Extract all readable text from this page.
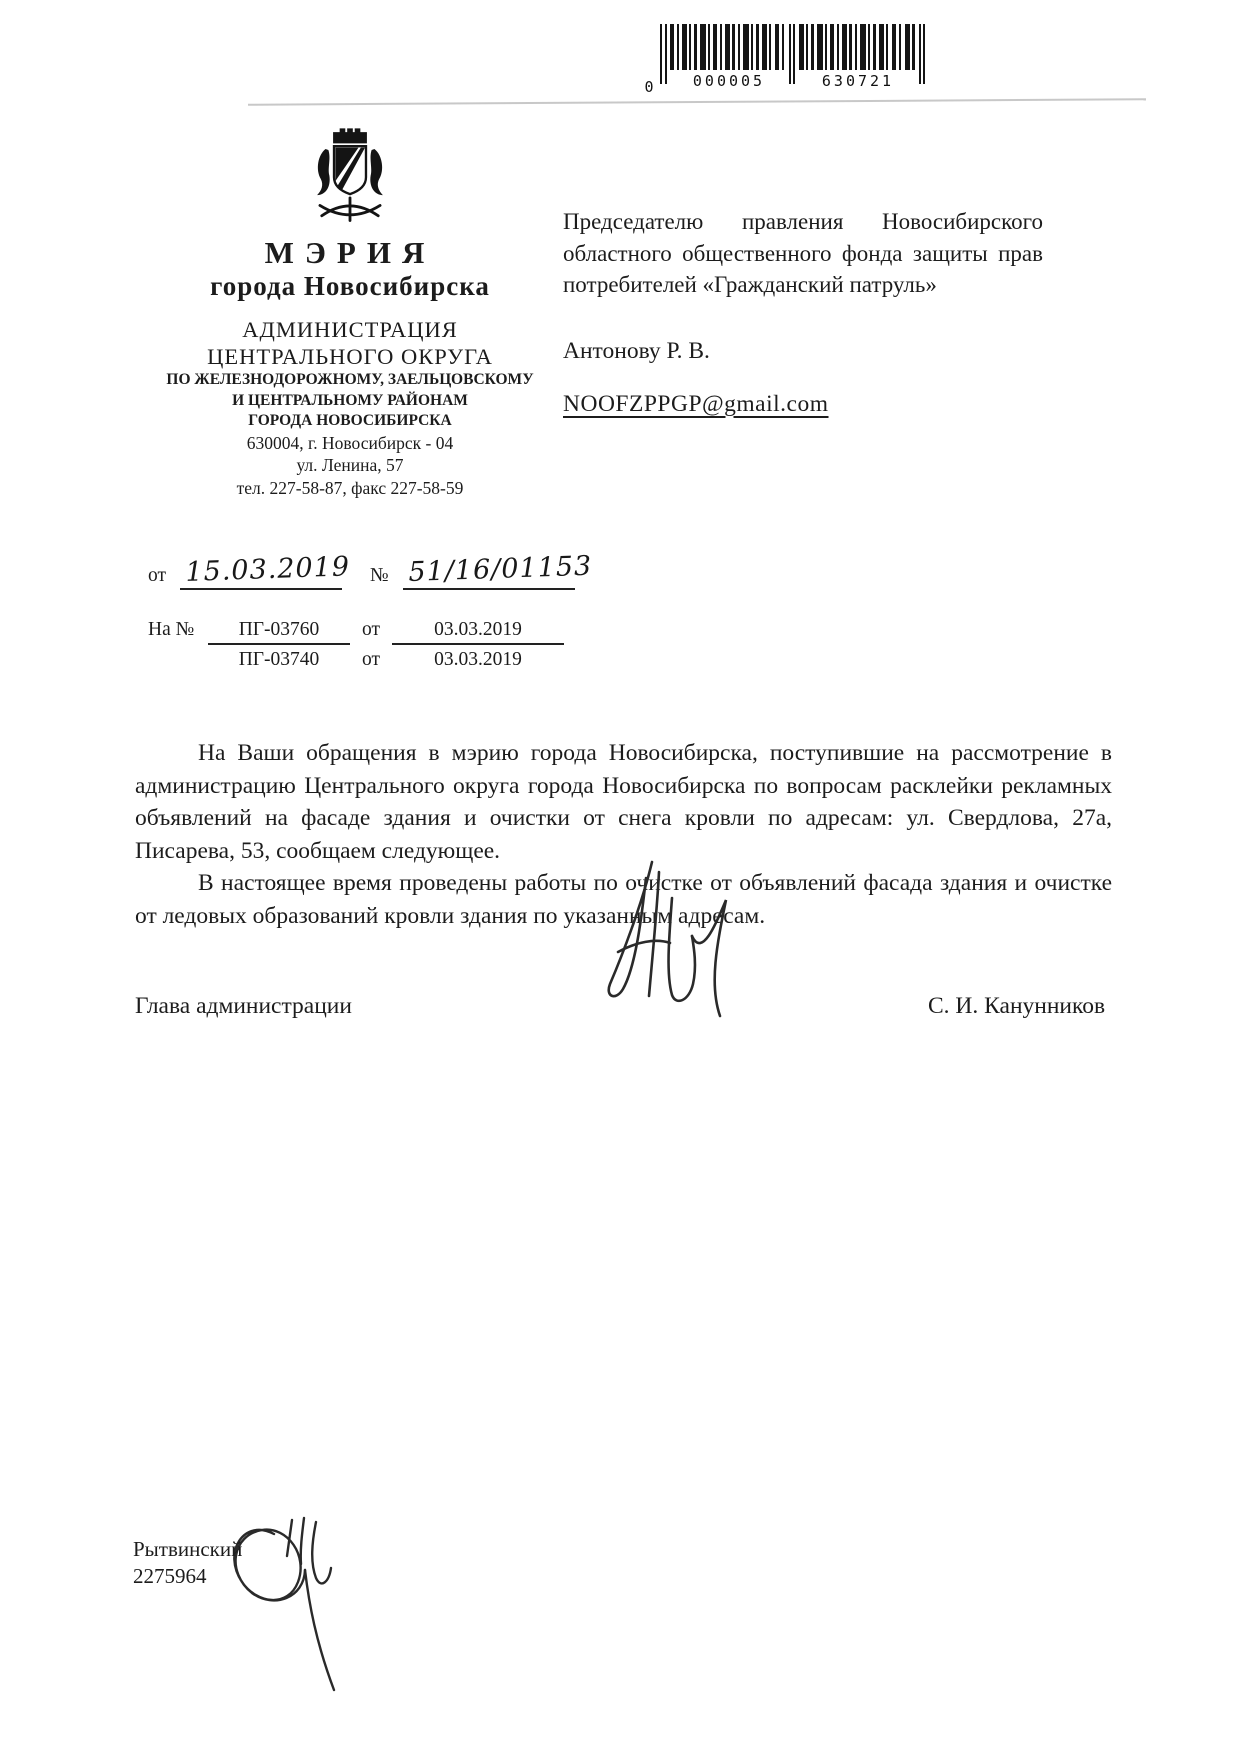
0	000005	630721
МЭРИЯ
города Новосибирска
АДМИНИСТРАЦИЯ
ЦЕНТРАЛЬНОГО ОКРУГА
ПО ЖЕЛЕЗНОДОРОЖНОМУ, ЗАЕЛЬЦОВСКОМУ
И ЦЕНТРАЛЬНОМУ РАЙОНАМ
ГОРОДА НОВОСИБИРСКА
630004, г. Новосибирск - 04
ул. Ленина, 57
тел. 227-58-87, факс 227-58-59
от 15.03.2019 № 51/16/01153
На №	ПГ-03760	от	03.03.2019
ПГ-03740	от	03.03.2019

Председателю правления Новосибирского областного общественного фонда защиты прав потребителей «Гражданский патруль»

Антонову Р. В.
NOOFZPPGP@gmail.com

На Ваши обращения в мэрию города Новосибирска, поступившие на рассмотрение в администрацию Центрального округа города Новосибирска по вопросам расклейки рекламных объявлений на фасаде здания и очистки от снега кровли по адресам: ул. Свердлова, 27а, Писарева, 53, сообщаем следующее.

В настоящее время проведены работы по очистке от объявлений фасада здания и очистке от ледовых образований кровли здания по указанным адресам.

Глава администрации	С. И. Канунников
Рытвинский
2275964
